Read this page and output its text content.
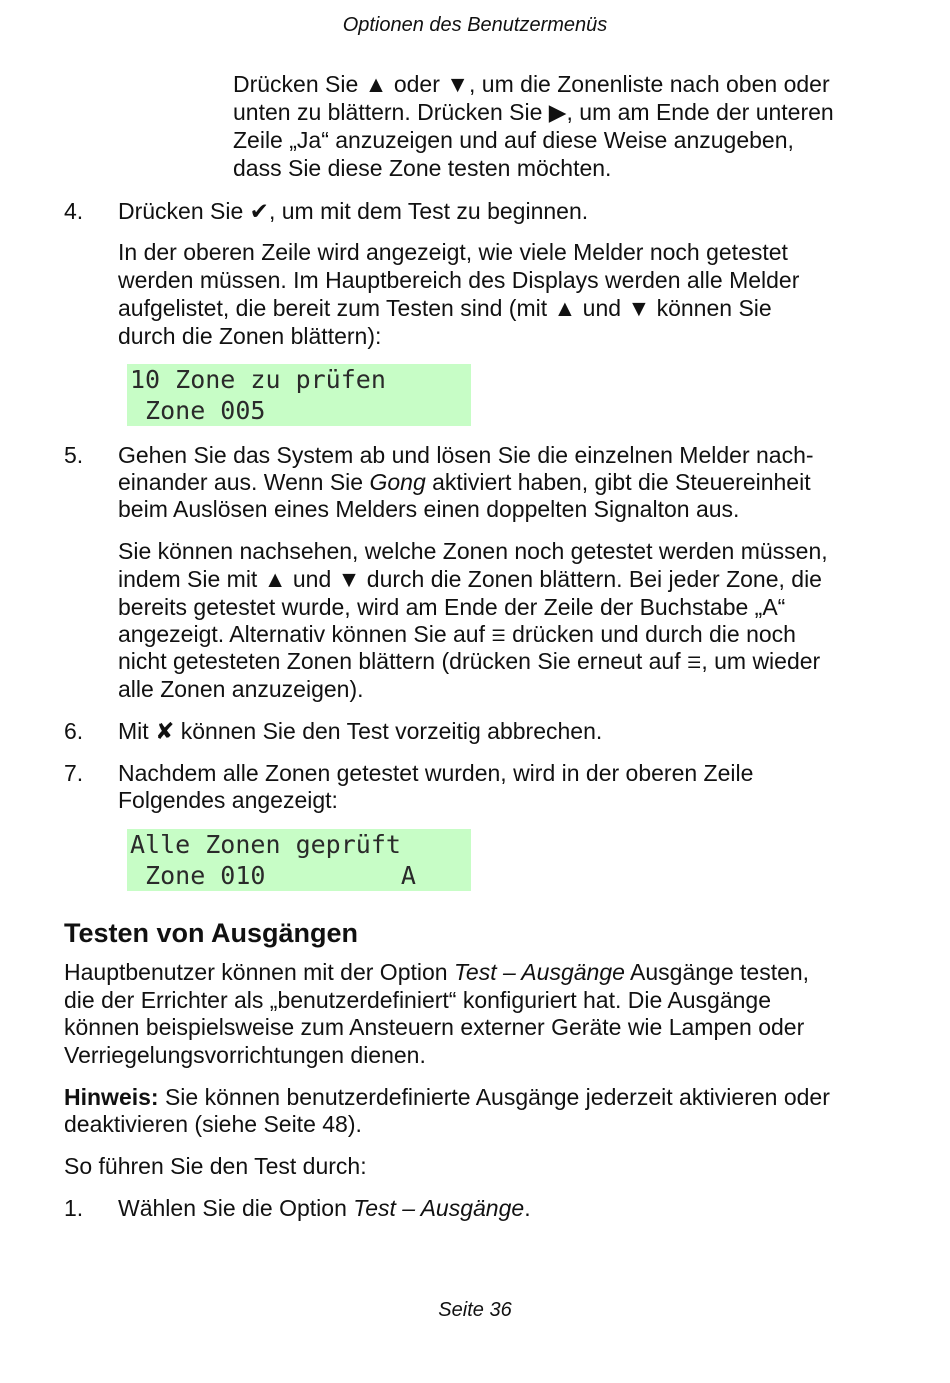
Optionen des Benutzermenüs
Drücken Sie ▲ oder ▼, um die Zonenliste nach oben oder
unten zu blättern. Drücken Sie ▶, um am Ende der unteren
Zeile „Ja“ anzuzeigen und auf diese Weise anzugeben,
dass Sie diese Zone testen möchten.
4.	Drücken Sie ✔, um mit dem Test zu beginnen.
In der oberen Zeile wird angezeigt, wie viele Melder noch getestet
werden müssen. Im Hauptbereich des Displays werden alle Melder
aufgelistet, die bereit zum Testen sind (mit ▲ und ▼ können Sie
durch die Zonen blättern):
10 Zone zu prüfen
Zone 005
5.	Gehen Sie das System ab und lösen Sie die einzelnen Melder nach-
einander aus. Wenn Sie Gong aktiviert haben, gibt die Steuereinheit
beim Auslösen eines Melders einen doppelten Signalton aus.
Sie können nachsehen, welche Zonen noch getestet werden müssen,
indem Sie mit ▲ und ▼ durch die Zonen blättern. Bei jeder Zone, die
bereits getestet wurde, wird am Ende der Zeile der Buchstabe „A“
angezeigt. Alternativ können Sie auf ☰ drücken und durch die noch
nicht getesteten Zonen blättern (drücken Sie erneut auf ☰, um wieder
alle Zonen anzuzeigen).
6.	Mit ✘ können Sie den Test vorzeitig abbrechen.
7.	Nachdem alle Zonen getestet wurden, wird in der oberen Zeile
Folgendes angezeigt:
Alle Zonen geprüft
Zone 010         A
Testen von Ausgängen
Hauptbenutzer können mit der Option Test – Ausgänge Ausgänge testen,
die der Errichter als „benutzerdefiniert“ konfiguriert hat. Die Ausgänge
können beispielsweise zum Ansteuern externer Geräte wie Lampen oder
Verriegelungsvorrichtungen dienen.
Hinweis: Sie können benutzerdefinierte Ausgänge jederzeit aktivieren oder
deaktivieren (siehe Seite 48).
So führen Sie den Test durch:
1.	Wählen Sie die Option Test – Ausgänge.
Seite 36
